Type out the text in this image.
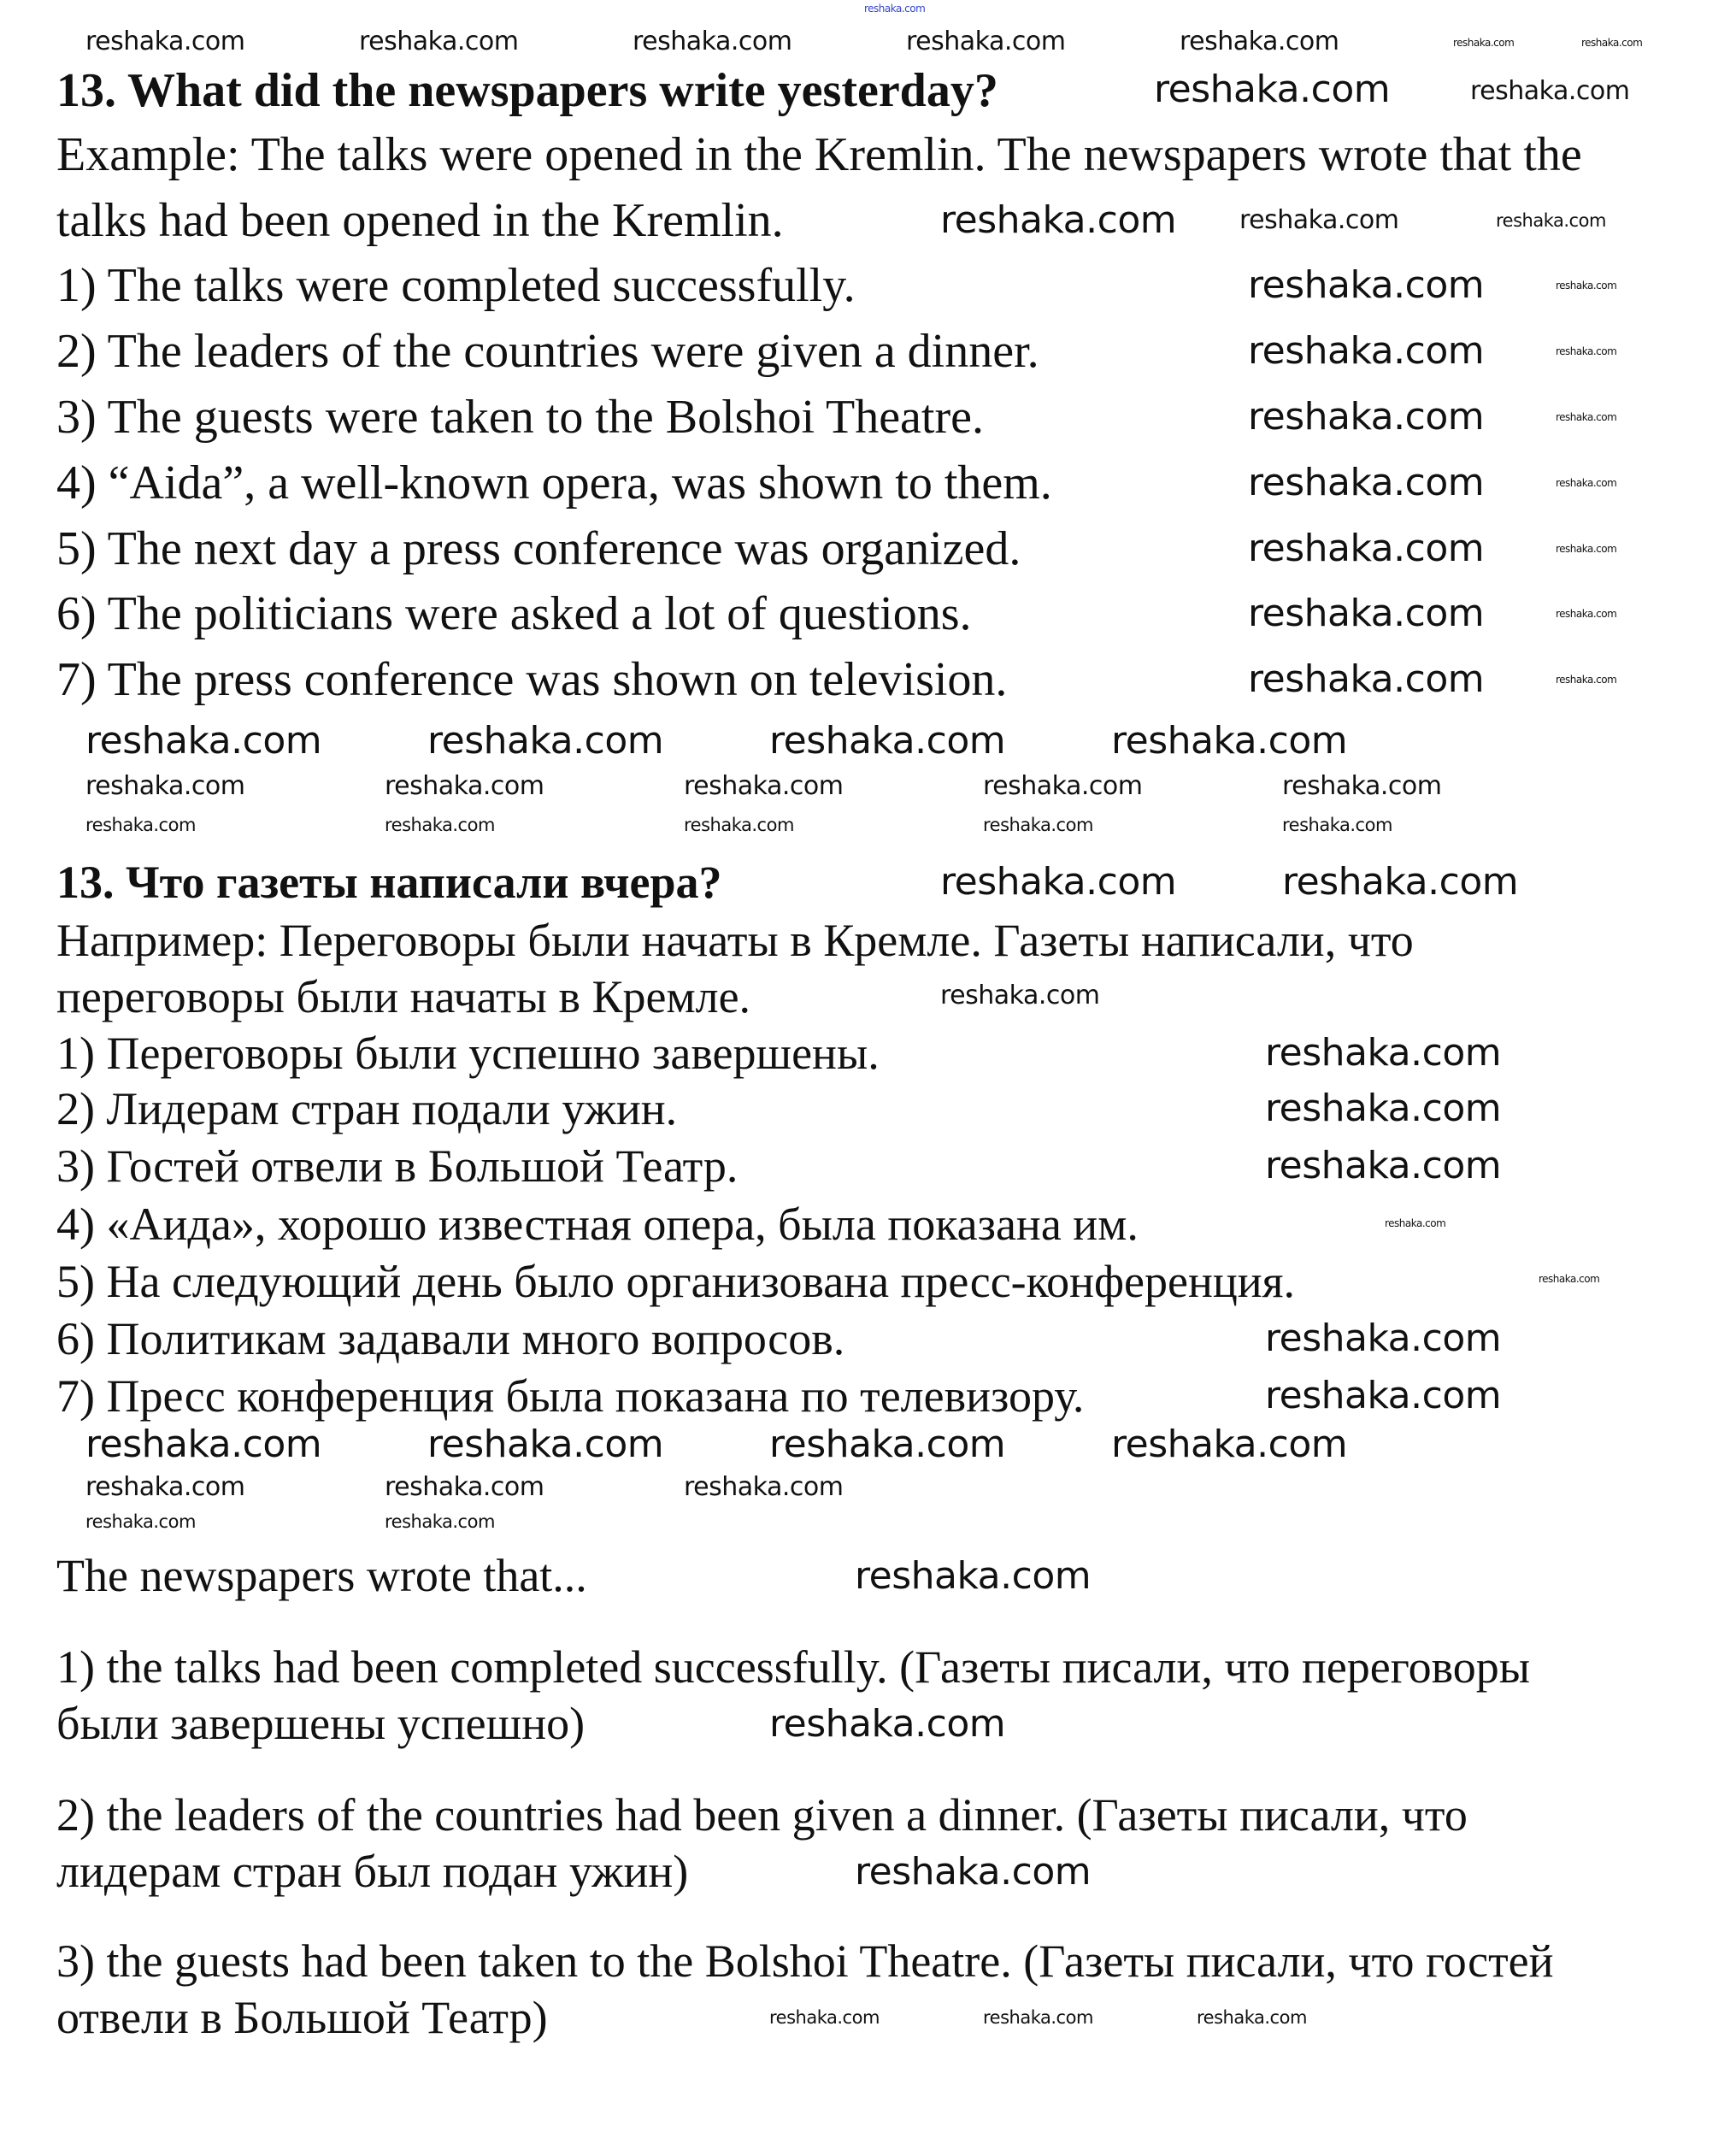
13. What did the newspapers write yesterday?
Example: The talks were opened in the Kremlin. The newspapers wrote that the
talks had been opened in the Kremlin.
1) The talks were completed successfully.
2) The leaders of the countries were given a dinner.
3) The guests were taken to the Bolshoi Theatre.
4) “Aida”, a well-known opera, was shown to them.
5) The next day a press conference was organized.
6) The politicians were asked a lot of questions.
7) The press conference was shown on television.
13. Что газеты написали вчера?
Например: Переговоры были начаты в Кремле. Газеты написали, что
переговоры были начаты в Кремле.
1) Переговоры были успешно завершены.
2) Лидерам стран подали ужин.
3) Гостей отвели в Большой Театр.
4) «Аида», хорошо известная опера, была показана им.
5) На следующий день было организована пресс-конференция.
6) Политикам задавали много вопросов.
7) Пресс конференция была показана по телевизору.
The newspapers wrote that...
1) the talks had been completed successfully. (Газеты писали, что переговоры
были завершены успешно)
2) the leaders of the countries had been given a dinner. (Газеты писали, что
лидерам стран был подан ужин)
3) the guests had been taken to the Bolshoi Theatre. (Газеты писали, что гостей
отвели в Большой Театр)
reshaka.com
reshaka.com	reshaka.com	reshaka.com	reshaka.com	reshaka.com	reshaka.com	reshaka.com
reshaka.com	reshaka.com
reshaka.com reshaka.com	reshaka.com
reshaka.com
reshaka.com
reshaka.com
reshaka.com
reshaka.com
reshaka.com
reshaka.com
reshaka.com
reshaka.com
reshaka.com
reshaka.com
reshaka.com
reshaka.com
reshaka.com
reshaka.com	reshaka.com	reshaka.com	reshaka.com
reshaka.com	reshaka.com	reshaka.com	reshaka.com	reshaka.com
reshaka.com	reshaka.com	reshaka.com	reshaka.com	reshaka.com
reshaka.com	reshaka.com
reshaka.com
reshaka.com
reshaka.com
reshaka.com
reshaka.com
reshaka.com
reshaka.com
reshaka.com
reshaka.com	reshaka.com	reshaka.com	reshaka.com
reshaka.com	reshaka.com	reshaka.com
reshaka.com	reshaka.com
reshaka.com
reshaka.com
reshaka.com
reshaka.com	reshaka.com	reshaka.com
